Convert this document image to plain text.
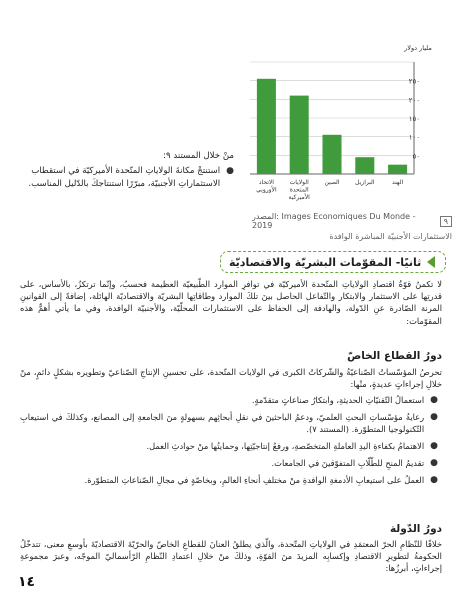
٥٠
١٠٠
١٥٠
٢٠٠
٢٥٠
مليار دولار
الاتحاد
الأوروبي
الولايات
المتحدة
الأميركية
الصين	البرازيل	الهند
المصدر: Images Economiques Du Monde - 2019	٩
الاستثمارات الأجنبيّة المباشرة الوافدة
منْ خلال المستند ٩:
●
استنتجْ مكانةَ الولاياتِ المتّحدة الأميركيّة في استقطاب الاستثماراتِ الأجنبيّة، مبرّرًا استنتاجكَ بالدّليل المناسب.
ثانيًا- المقوّمات البشريّة والاقتصاديّة
لا تكمنُ قوّةُ اقتصادِ الولاياتِ المتّحدة الأميركيّة في توافرِ الموارد الطّبيعيّة العظيمة فحسبُ، وإنّما ترتكزُ، بالأساس، على قدرتِها على الاستثمار والابتكار والتّفاعل الحاصل بينَ تلكَ الموارد وطاقاتِها البشريّة والاقتصاديّة الهائلة، إضافةً إلى القوانينِ المرنة الصّادرة عنِ الدّولة، والهادفة إلى الحفاظ على الاستثمارات المحلّيّة، والأجنبيّة الوافدة، وفي ما يأتي أهمُّ هذه المقوّمات:
دورُ القطاع الخاصّ
تحرصُ المؤسّساتُ الصّناعيّةُ والشّركاتُ الكبرى في الولايات المتّحدة، على تحسينِ الإنتاجِ الصّناعيّ وتطويره بشكلٍ دائمٍ، منْ خلالِ إجراءاتٍ عديدةٍ، منْها:
●
استعمالُ التّقنيّاتِ الحديثةِ، وابتكارُ صناعاتٍ متقدّمةٍ.
●
رعايةُ مؤسّساتِ البحثِ العلميّ، ودعمُ الباحثينَ في نقلِ أبحاثِهم بسهولةٍ منَ الجامعةِ إلى المصانع، وكذلكَ في استيعابِ التّكنولوجيا المتطوّرة. (المستند ٧).
●
الاهتمامُ بكفاءةِ اليدِ العاملةِ المتخصّصةِ، ورفعُ إنتاجيّتِها، وحمايتُها منْ حوادثِ العمل.
●
تقديمُ المنحِ للطّلّابِ المتفوّقينَ في الجامعات.
●
العملُ على استيعابِ الأدمغةِ الوافدةِ منْ مختلفِ أنحاءِ العالمِ، وبخاصّةٍ في مجالِ الصّناعاتِ المتطوّرة.
دورُ الدّولة
خلافًا للنّظامِ الحرّ المعتمَدِ في الولاياتِ المتّحدة، والّذي يطلقُ العنانَ للقطاعِ الخاصّ والحرّيّةَ الاقتصاديّةَ بأوسعِ معنى، تتدخّلُ الحكومةُ لتطويرِ الاقتصادِ وإكسابِه المزيدَ منَ القوّةِ، وذلكَ منْ خلالِ اعتمادِ النّظامِ الرّأسماليّ الموجّه، وعبرَ مجموعةِ إجراءاتٍ، أبرزُها:
١٤
